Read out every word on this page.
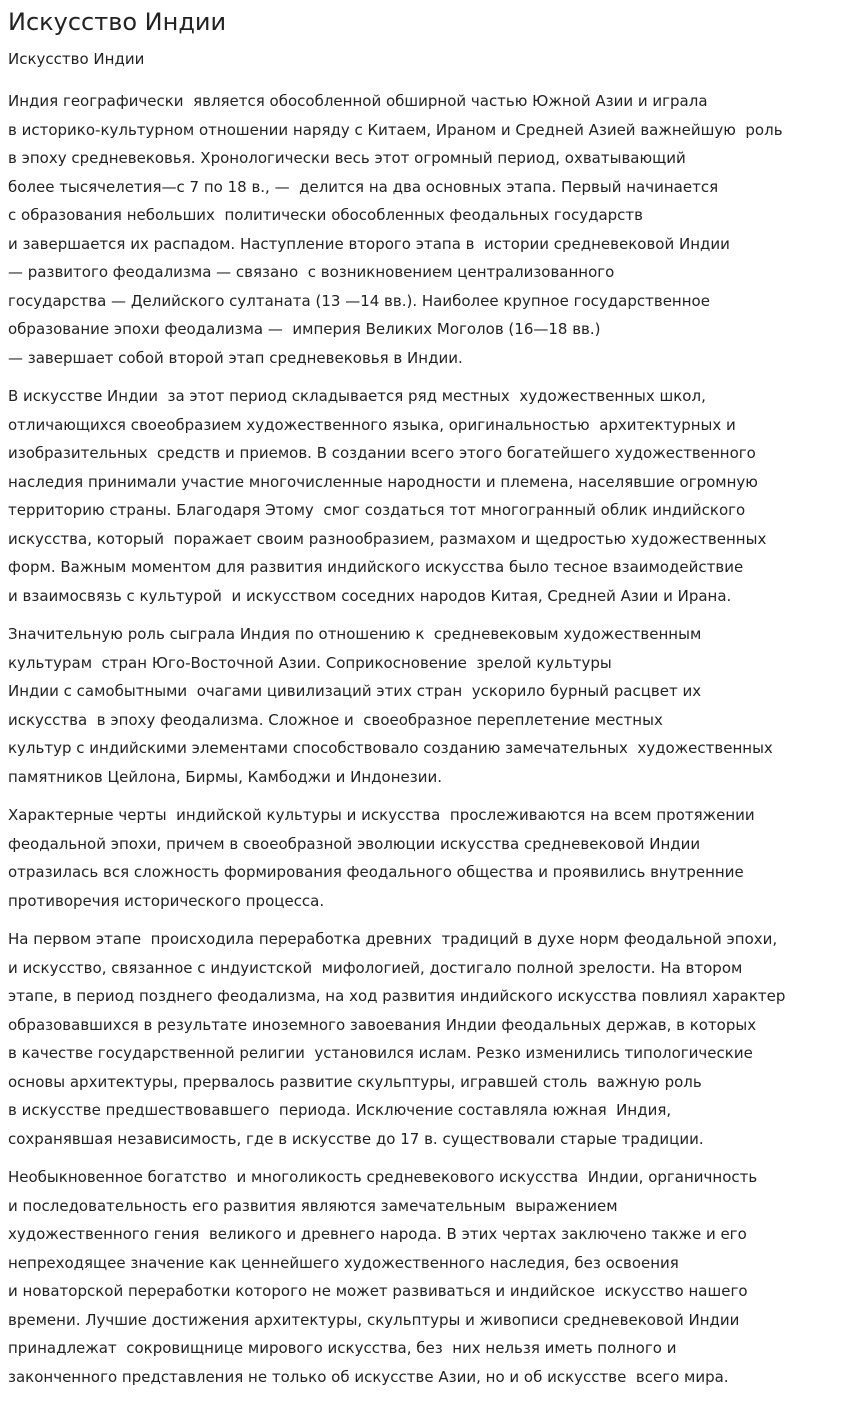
Искусство Индии
Искусство Индии

Индия географически  является обособленной обширной частью Южной Азии и играла
в историко-культурном отношении наряду с Китаем, Ираном и Средней Азией важнейшую  роль
в эпоху средневековья. Хронологически весь этот огромный период, охватывающий
более тысячелетия—с 7 по 18 в., —  делится на два основных этапа. Первый начинается
с образования небольших  политически обособленных феодальных государств
и завершается их распадом. Наступление второго этапа в  истории средневековой Индии
— развитого феодализма — связано  с возникновением централизованного
государства — Делийского султаната (13 —14 вв.). Наиболее крупное государственное
образование эпохи феодализма —  империя Великих Моголов (16—18 вв.)
— завершает собой второй этап средневековья в Индии.

В искусстве Индии  за этот период складывается ряд местных  художественных школ,
отличающихся своеобразием художественного языка, оригинальностью  архитектурных и
изобразительных  средств и приемов. В создании всего этого богатейшего художественного
наследия принимали участие многочисленные народности и племена, населявшие огромную
территорию страны. Благодаря Этому  смог создаться тот многогранный облик индийского
искусства, который  поражает своим разнообразием, размахом и щедростью художественных
форм. Важным моментом для развития индийского искусства было тесное взаимодействие
и взаимосвязь с культурой  и искусством соседних народов Китая, Средней Азии и Ирана.

Значительную роль сыграла Индия по отношению к  средневековым художественным
культурам  стран Юго-Восточной Азии. Соприкосновение  зрелой культуры
Индии с самобытными  очагами цивилизаций этих стран  ускорило бурный расцвет их
искусства  в эпоху феодализма. Сложное и  своеобразное переплетение местных
культур с индийскими элементами способствовало созданию замечательных  художественных
памятников Цейлона, Бирмы, Камбоджи и Индонезии.

Характерные черты  индийской культуры и искусства  прослеживаются на всем протяжении
феодальной эпохи, причем в своеобразной эволюции искусства средневековой Индии
отразилась вся сложность формирования феодального общества и проявились внутренние
противоречия исторического процесса.

На первом этапе  происходила переработка древних  традиций в духе норм феодальной эпохи,
и искусство, связанное с индуистской  мифологией, достигало полной зрелости. На втором
этапе, в период позднего феодализма, на ход развития индийского искусства повлиял характер
образовавшихся в результате иноземного завоевания Индии феодальных держав, в которых
в качестве государственной религии  установился ислам. Резко изменились типологические
основы архитектуры, прервалось развитие скульптуры, игравшей столь  важную роль
в искусстве предшествовавшего  периода. Исключение составляла южная  Индия,
сохранявшая независимость, где в искусстве до 17 в. существовали старые традиции.

Необыкновенное богатство  и многоликость средневекового искусства  Индии, органичность
и последовательность его развития являются замечательным  выражением
художественного гения  великого и древнего народа. В этих чертах заключено также и его
непреходящее значение как ценнейшего художественного наследия, без освоения
и новаторской переработки которого не может развиваться и индийское  искусство нашего
времени. Лучшие достижения архитектуры, скульптуры и живописи средневековой Индии
принадлежат  сокровищнице мирового искусства, без  них нельзя иметь полного и
законченного представления не только об искусстве Азии, но и об искусстве  всего мира.
